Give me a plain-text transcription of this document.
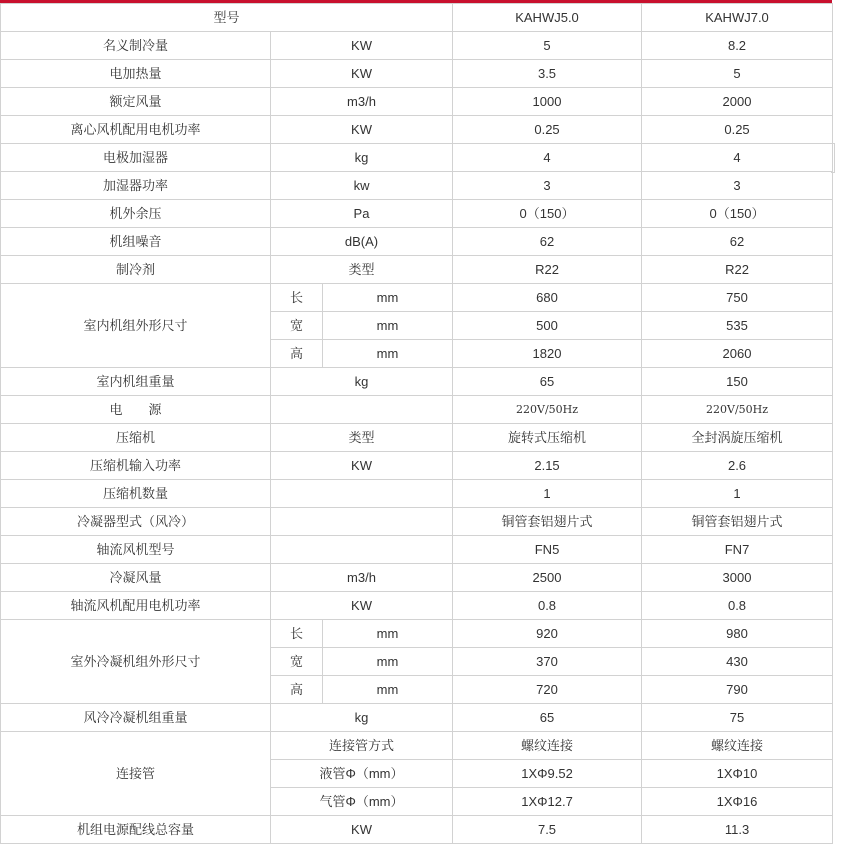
型号			KAHWJ5.0	KAHWJ7.0
名义制冷量	KW		5	8.2
电加热量	KW		3.5	5
额定风量	m3/h		1000	2000
离心风机配用电机功率	KW		0.25	0.25
电极加湿器	kg		4	4
加湿器功率	kw		3	3
机外余压	Pa		0（150）	0（150）
机组噪音	dB(A)		62	62
制冷剂	类型		R22	R22
室内机组外形尺寸	长	mm	680	750
	宽	mm	500	535
	高	mm	1820	2060
室内机组重量	kg		65	150
电　　源			220V/50Hz	220V/50Hz
压缩机	类型		旋转式压缩机	全封涡旋压缩机
压缩机输入功率	KW		2.15	2.6
压缩机数量			1	1
冷凝器型式（风冷）			铜管套铝翅片式	铜管套铝翅片式
轴流风机型号			FN5	FN7
冷凝风量	m3/h		2500	3000
轴流风机配用电机功率	KW		0.8	0.8
室外冷凝机组外形尺寸	长	mm	920	980
	宽	mm	370	430
	高	mm	720	790
风冷冷凝机组重量	kg		65	75
连接管	连接管方式		螺纹连接	螺纹连接
	液管Φ（mm）		1XΦ9.52	1XΦ10
	气管Φ（mm）		1XΦ12.7	1XΦ16
机组电源配线总容量	KW		7.5	11.3
